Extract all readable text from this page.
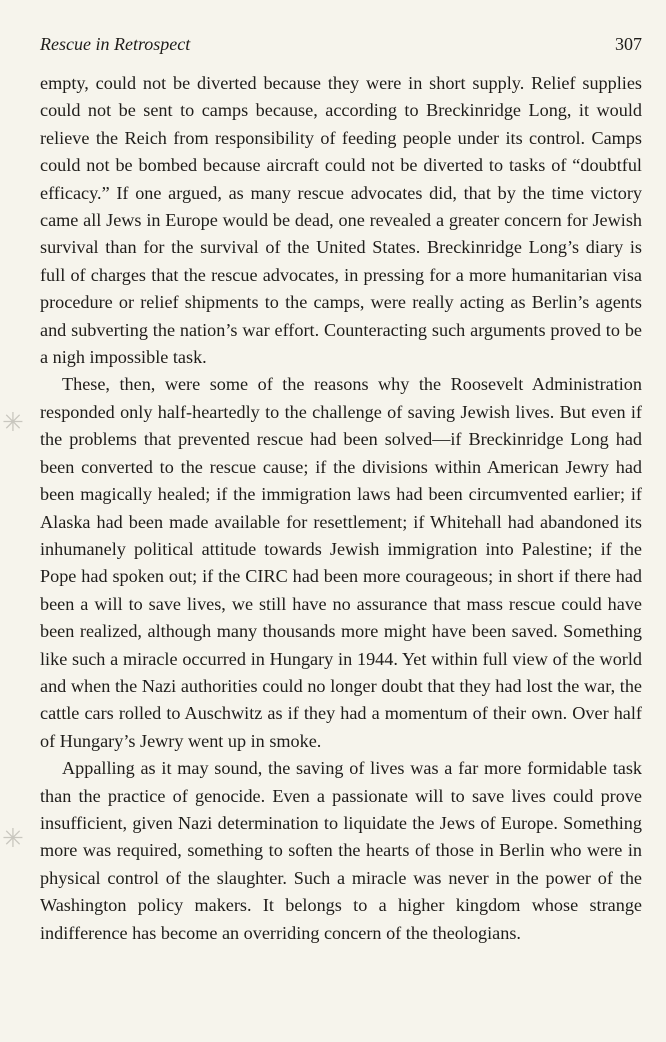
Rescue in Retrospect	307
✳
✳

empty, could not be diverted because they were in short supply. Relief supplies could not be sent to camps because, according to Breckinridge Long, it would relieve the Reich from responsibility of feeding people under its control. Camps could not be bombed because aircraft could not be diverted to tasks of “doubtful efficacy.” If one argued, as many rescue advocates did, that by the time victory came all Jews in Europe would be dead, one revealed a greater concern for Jewish survival than for the survival of the United States. Breckinridge Long’s diary is full of charges that the rescue advocates, in pressing for a more humanitarian visa procedure or relief shipments to the camps, were really acting as Berlin’s agents and subverting the nation’s war effort. Counteracting such arguments proved to be a nigh impossible task.

These, then, were some of the reasons why the Roosevelt Administration responded only half-heartedly to the challenge of saving Jewish lives. But even if the problems that prevented rescue had been solved—if Breckinridge Long had been converted to the rescue cause; if the divisions within American Jewry had been magically healed; if the immigration laws had been circumvented earlier; if Alaska had been made available for resettlement; if Whitehall had abandoned its inhumanely political attitude towards Jewish immigration into Palestine; if the Pope had spoken out; if the CIRC had been more courageous; in short if there had been a will to save lives, we still have no assurance that mass rescue could have been realized, although many thousands more might have been saved. Something like such a miracle occurred in Hungary in 1944. Yet within full view of the world and when the Nazi authorities could no longer doubt that they had lost the war, the cattle cars rolled to Auschwitz as if they had a momentum of their own. Over half of Hungary’s Jewry went up in smoke.

Appalling as it may sound, the saving of lives was a far more formidable task than the practice of genocide. Even a passionate will to save lives could prove insufficient, given Nazi determination to liquidate the Jews of Europe. Something more was required, something to soften the hearts of those in Berlin who were in physical control of the slaughter. Such a miracle was never in the power of the Washington policy makers. It belongs to a higher kingdom whose strange indifference has become an overriding concern of the theologians.
